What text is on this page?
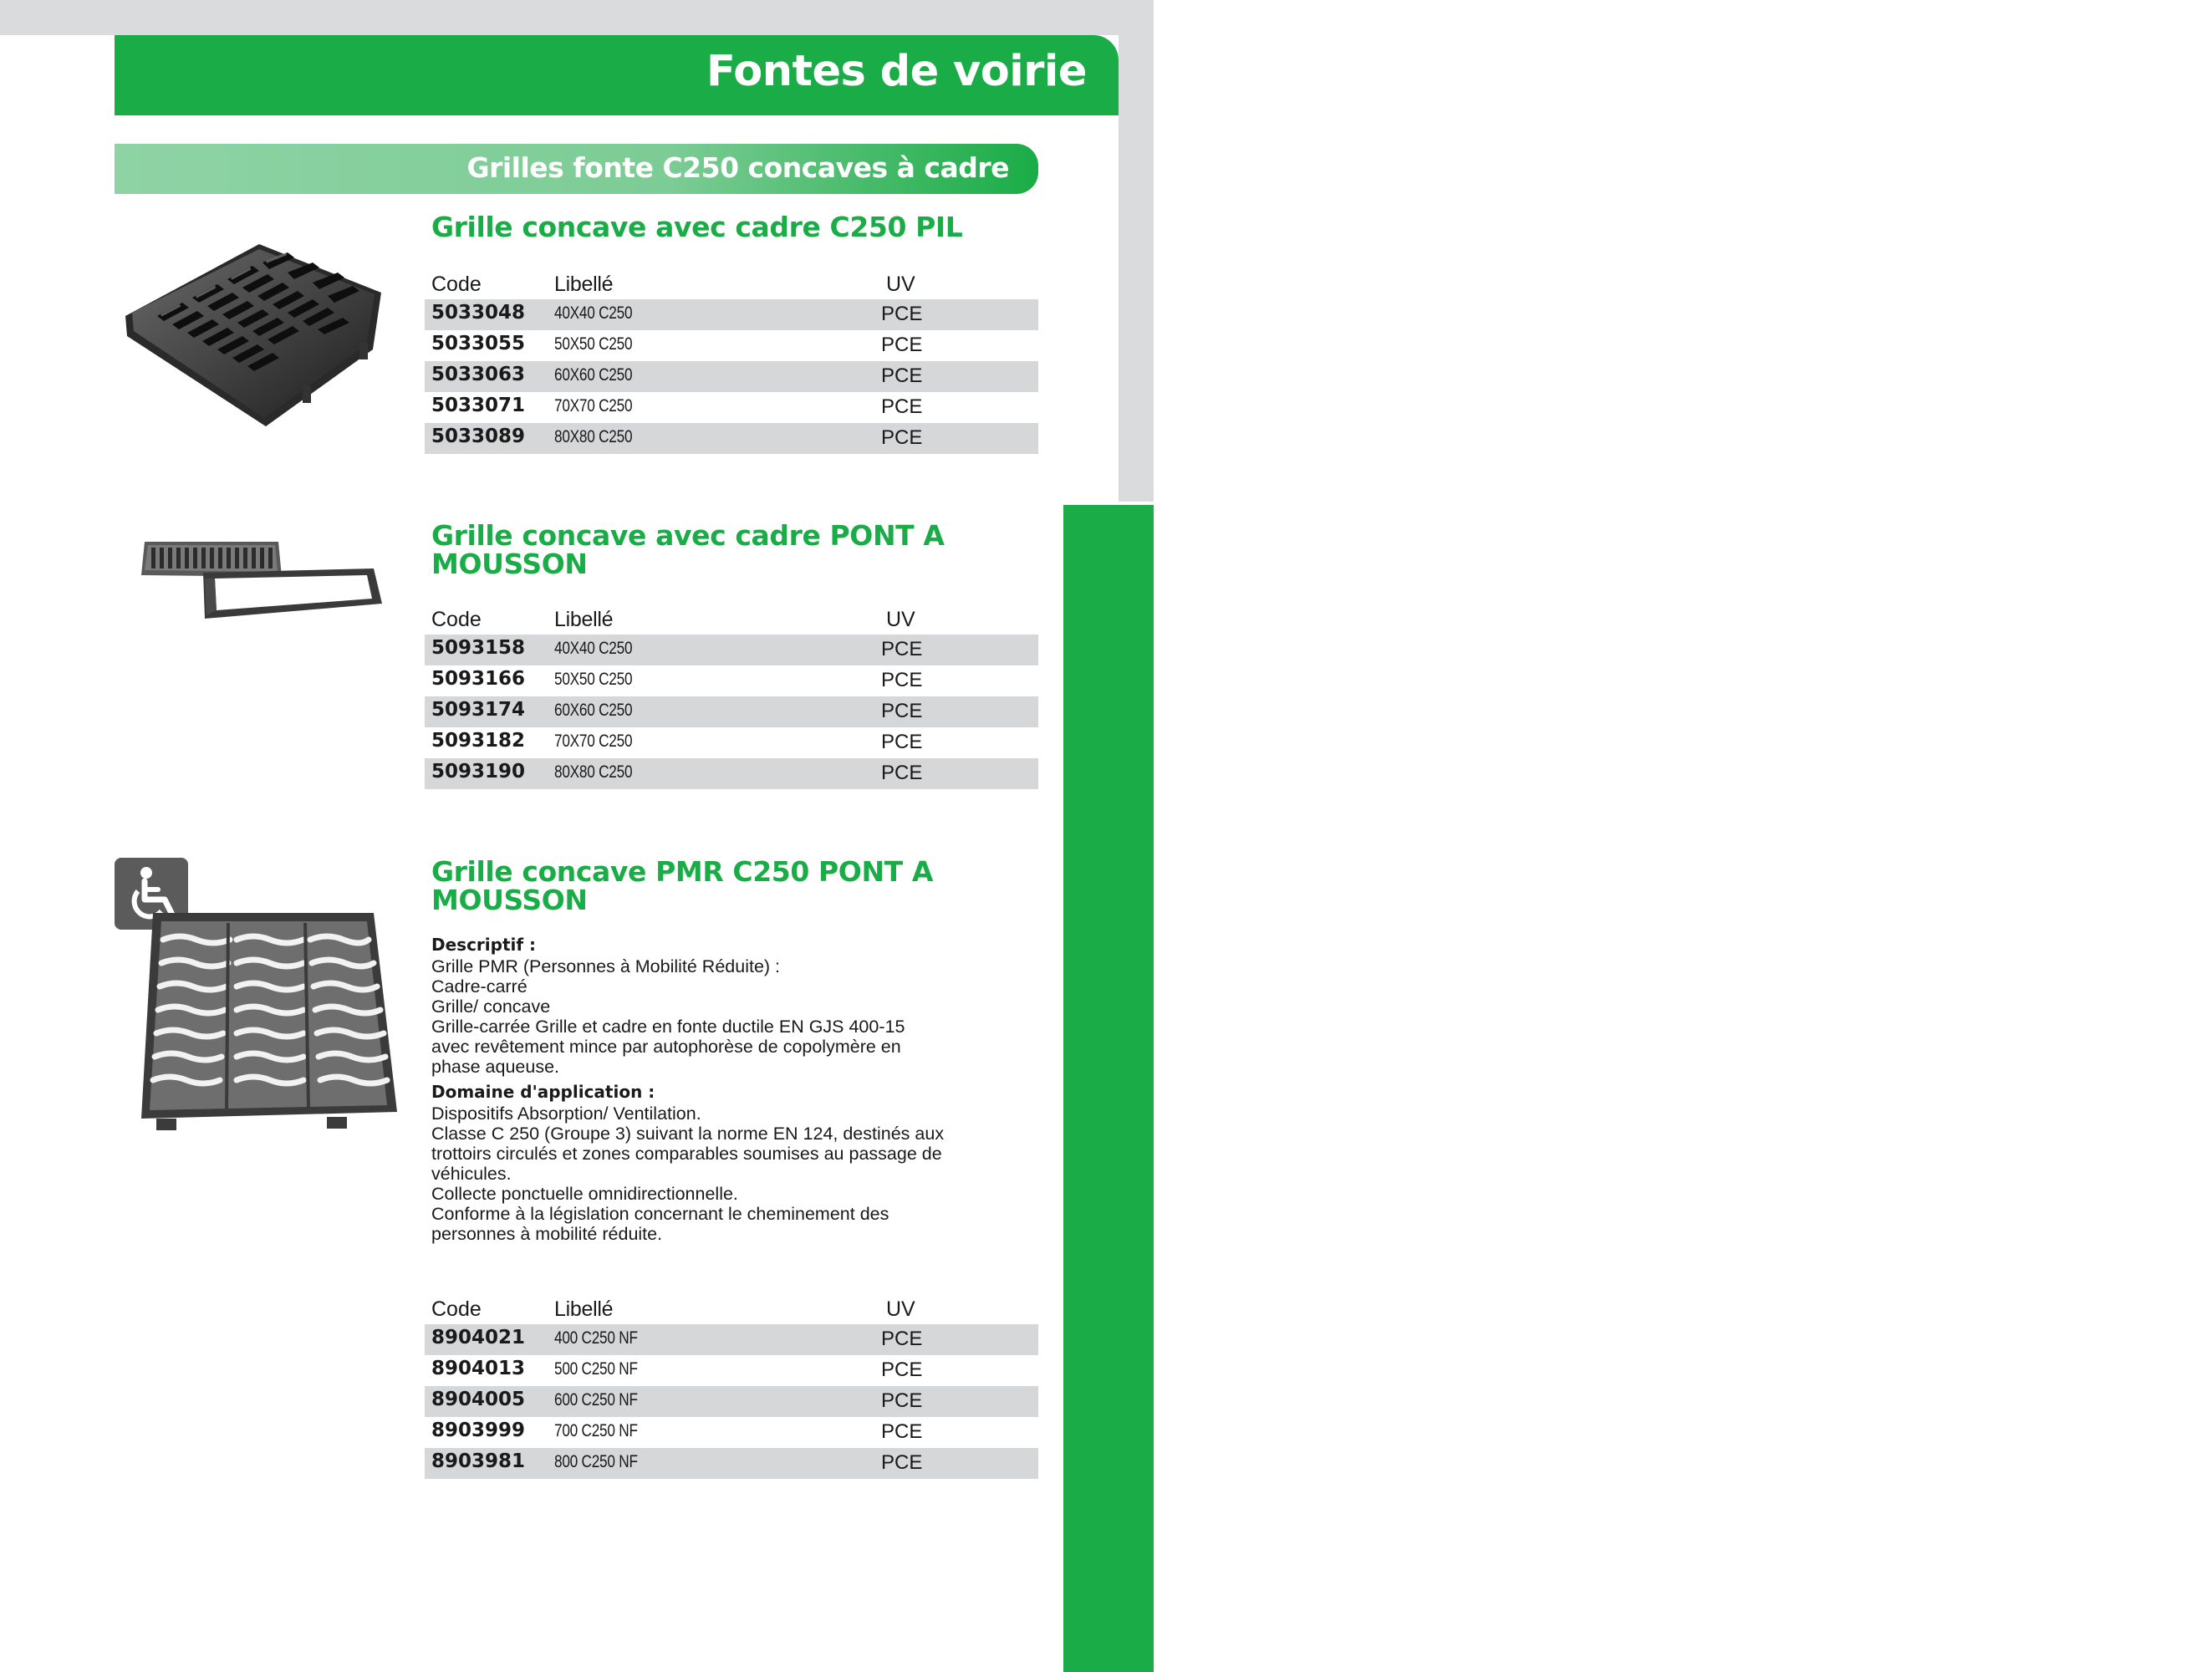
307
Travaux publics
Fontes de voirie
Grilles fonte C250 concaves à cadre
Grille concave avec cadre C250 PIL
Code	Libellé	UV
5033048 40X40 C250	PCE
5033055 50X50 C250	PCE
5033063 60X60 C250	PCE
5033071 70X70 C250	PCE
5033089 80X80 C250	PCE
Grille concave avec cadre PONT A
MOUSSON
Code	Libellé	UV
5093158 40X40 C250	PCE
5093166 50X50 C250	PCE
5093174 60X60 C250	PCE
5093182 70X70 C250	PCE
5093190 80X80 C250	PCE
Grille concave PMR C250 PONT A
MOUSSON
Descriptif :
Grille PMR (Personnes à Mobilité Réduite) :
Cadre-carré
Grille/ concave
Grille-carrée Grille et cadre en fonte ductile EN GJS 400-15
avec revêtement mince par autophorèse de copolymère en
phase aqueuse.
Domaine d'application :
Dispositifs Absorption/ Ventilation.
Classe C 250 (Groupe 3) suivant la norme EN 124, destinés aux
trottoirs circulés et zones comparables soumises au passage de
véhicules.
Collecte ponctuelle omnidirectionnelle.
Conforme à la législation concernant le cheminement des
personnes à mobilité réduite.
Code	Libellé	UV
8904021 400 C250 NF	PCE
8904013 500 C250 NF	PCE
8904005 600 C250 NF	PCE
8903999 700 C250 NF	PCE
8903981 800 C250 NF	PCE
